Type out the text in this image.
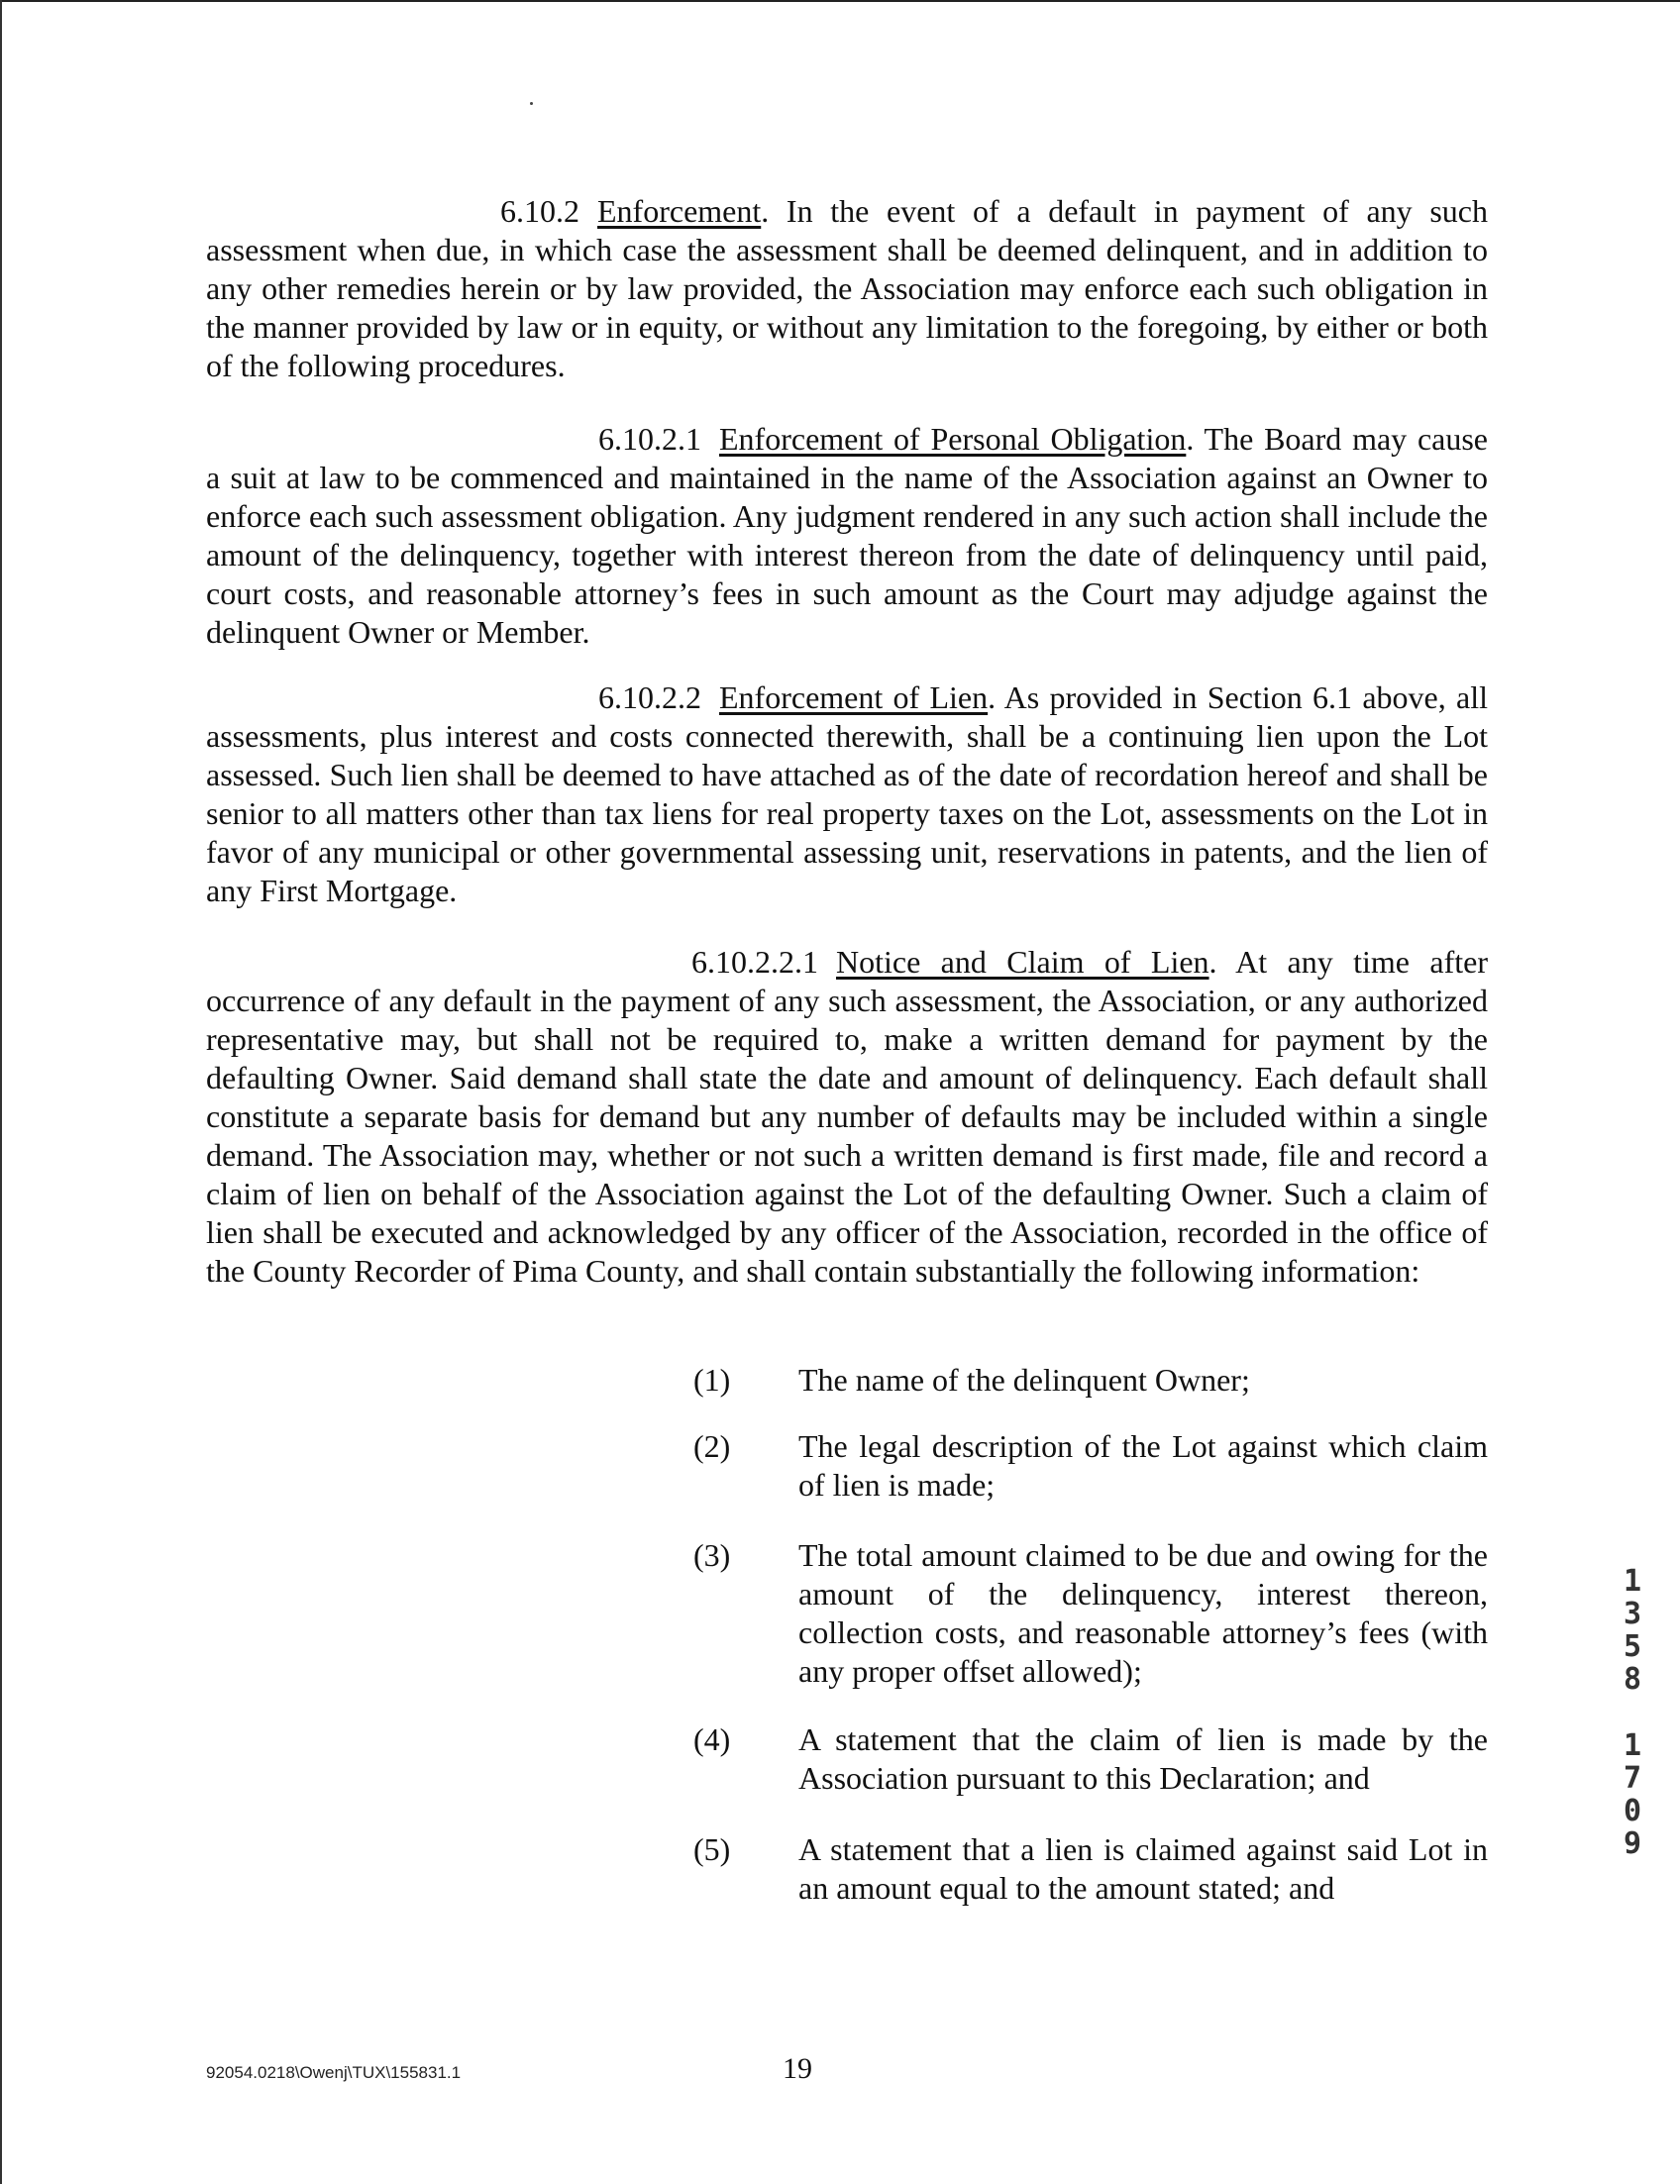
6.10.2 Enforcement. In the event of a default in payment of any such assessment when due, in which case the assessment shall be deemed delinquent, and in addition to any other remedies herein or by law provided, the Association may enforce each such obligation in the manner provided by law or in equity, or without any limitation to the foregoing, by either or both of the following procedures.

6.10.2.1 Enforcement of Personal Obligation. The Board may cause a suit at law to be commenced and maintained in the name of the Association against an Owner to enforce each such assessment obligation. Any judgment rendered in any such action shall include the amount of the delinquency, together with interest thereon from the date of delinquency until paid, court costs, and reasonable attorney’s fees in such amount as the Court may adjudge against the delinquent Owner or Member.

6.10.2.2 Enforcement of Lien. As provided in Section 6.1 above, all assessments, plus interest and costs connected therewith, shall be a continuing lien upon the Lot assessed. Such lien shall be deemed to have attached as of the date of recordation hereof and shall be senior to all matters other than tax liens for real property taxes on the Lot, assessments on the Lot in favor of any municipal or other governmental assessing unit, reservations in patents, and the lien of any First Mortgage.

6.10.2.2.1 Notice and Claim of Lien. At any time after occurrence of any default in the payment of any such assessment, the Association, or any authorized representative may, but shall not be required to, make a written demand for payment by the defaulting Owner. Said demand shall state the date and amount of delinquency. Each default shall constitute a separate basis for demand but any number of defaults may be included within a single demand. The Association may, whether or not such a written demand is first made, file and record a claim of lien on behalf of the Association against the Lot of the defaulting Owner. Such a claim of lien shall be executed and acknowledged by any officer of the Association, recorded in the office of the County Recorder of Pima County, and shall contain substantially the following information:

(1)	The name of the delinquent Owner;
(2)	The legal description of the Lot against which claim of lien is made;
(3)	The total amount claimed to be due and owing for the amount of the delinquency, interest thereon, collection costs, and reasonable attorney’s fees (with any proper offset allowed);
(4)	A statement that the claim of lien is made by the Association pursuant to this Declaration; and
(5)	A statement that a lien is claimed against said Lot in an amount equal to the amount stated; and
1
3
5
8
1
7
0
9
92054.0218\Owenj\TUX\155831.1	19
